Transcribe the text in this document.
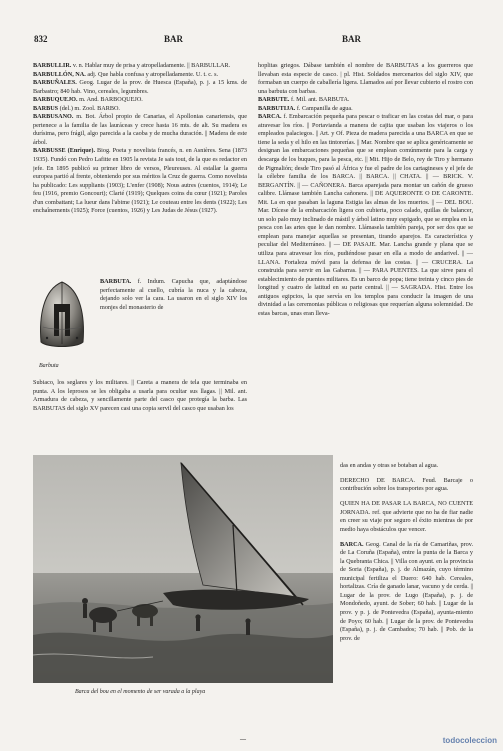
832	BAR	BAR

BARBULLIR. v. n. Hablar muy de prisa y atropelladamente. || BARBULLAR.

BARBULLÓN, NA. adj. Que habla confusa y atropelladamente. U. t. c. s.

BARBUÑALES. Geog. Lugar de la prov. de Huesca (España), p. j. a 15 kms. de Barbastro; 840 hab. Vino, cereales, legumbres.

BARBUQUEJO. m. And. BARBOQUEJO.

BARBUS (del.) m. Zool. BARBO.

BARBUSANO. m. Bot. Árbol propio de Canarias, el Apollonias canariensis, que pertenece a la familia de las lauráceas y crece hasta 16 mts. de alt. Su madera es durísima, pero frágil, algo parecida a la caoba y de mucha duración. || Madera de este árbol.

BARBUSSE (Enrique). Biog. Poeta y novelista francés, n. en Asnières. Sena (1873 1935). Fundó con Pedro Lafitte en 1905 la revista Je sais tout, de la que es redactor en jefe. En 1895 publicó su primer libro de versos, Pleureuses. Al estallar la guerra europea partió al frente, obteniendo por sus méritos la Cruz de guerra. Como novelista ha publicado: Les suppliants (1903); L'enfer (1908); Nous autres (cuentos, 1914); Le feu (1916, premio Goncourt); Clarté (1919); Quelques coins du cœur (1921); Paroles d'un combattant; La lueur dans l'abime (1921); Le couteau entre les dents (1922); Les enchaînements (1925); Force (cuentos, 1926) y Les Judas de Jésus (1927).

Barbuta

BARBUTA. f. Indum. Capucha que, adaptándose perfectamente al cuello, cubría la nuca y la cabeza, dejando solo ver la cara. La usaron en el siglo XIV los monjes del monasterio de

Subiaco, los seglares y los militares. || Careta a manera de tela que terminaba en punta. A los leprosos se les obligaba a usarla para ocultar sus llagas. || Mil. ant. Armadura de cabeza, y sencillamente parte del casco que protegía la barba. Las BARBUTAS del siglo XV parecen casi una copia servil del casco que usaban los

hoplitas griegos. Dábase también el nombre de BARBUTAS a los guerreros que llevaban esta especie de casco. | pl. Hist. Soldados mercenarios del siglo XIV, que formaban un cuerpo de caballería ligera. Llamados así por llevar cubierto el rostro con una barbuta con barbas.

BARBUTE. f. Mil. ant. BARBUTA.

BARBUTIJA. f. Campanilla de agua.

BARCA. f. Embarcación pequeña para pescar o traficar en las costas del mar, o para atravesar los ríos. || Portavianda a manera de cajita que usaban los viajeros o los empleados palaciegos. || Art. y Of. Pieza de madera parecida a una BARCA en que se tiene la seda y el hilo en las tintorerías. || Mar. Nombre que se aplica genéricamente se designan las embarcaciones pequeñas que se emplean comúnmente para la carga y descarga de los buques, para la pesca, etc. || Mit. Hijo de Belo, rey de Tiro y hermano de Pigmalión; desde Tiro pasó al África y fue el padre de los cartagineses y el jefe de la célebre familia de los BARCA. || BARCA. || CHATA. || — BRICK. V. BERGANTÍN. || — CAÑONERA. Barca aparejada para montar un cañón de grueso calibre. Llámase también Lancha cañonera. || DE AQUERONTE O DE CARONTE. Mit. La en que pasaban la laguna Estigia las almas de los muertos. || — DEL BOU. Mar. Dícese de la embarcación ligera con cubierta, poco calado, quillas de balancer, un solo palo muy inclinado de mástil y árbol latino muy espigado, que se emplea en la pesca con las artes que le dan nombre. Llámasela también pareja, por ser dos que se emplean para manejar aquellas se presentan, tirando aparejos. Es característica y peculiar del Mediterráneo. || — DE PASAJE. Mar. Lancha grande y plana que se utiliza para atravesar los ríos, pudiéndose pasar en ella a modo de andarivel. || — LLANA. Fortaleza móvil para la defensa de las costas. || — CRUCERA. La construida para servir en las Gabarras. || — PARA PUENTES. La que sirve para el establecimiento de puentes militares. Es un barco de popa; tiene treinta y cinco pies de longitud y cuatro de latitud en su parte central. || — SAGRADA. Hist. Entre los antiguos egipcios, la que servía en los templos para conducir la imagen de una divinidad a las ceremonias públicas o religiosas que requerían alguna solemnidad. De estas barcas, unas eran lleva-

Barca del bou en el momento de ser varada a la playa

das en andas y otras se botaban al agua.

DERECHO DE BARCA. Feud. Barcaje o contribución sobre los transportes por agua.

QUIEN HA DE PASAR LA BARCA, NO CUENTE JORNADA. ref. que advierte que no ha de fiar nadie en creer su viaje por seguro el éxito mientras de por medio haya obstáculos que vencer.

BARCA. Geog. Canal de la ría de Camariñas, prov. de La Coruña (España), entre la punta de la Barca y la Quebranta Chica. || Villa con ayunt. en la provincia de Soria (España), p. j. de Almazán, cuyo término municipal fertiliza el Duero: 640 hab. Cereales, hortalizas. Cría de ganado lanar, vacuno y de cerda. || Lugar de la prov. de Lugo (España), p. j. de Mondoñedo, ayunt. de Sober; 60 hab. || Lugar de la prov. y p. j. de Pontevedra (España), ayunta-miento de Poyo; 60 hab. || Lugar de la prov. de Pontevedra (España), p. j. de Cambados; 70 hab. || Pob. de la prov. de

—	todocoleccion
